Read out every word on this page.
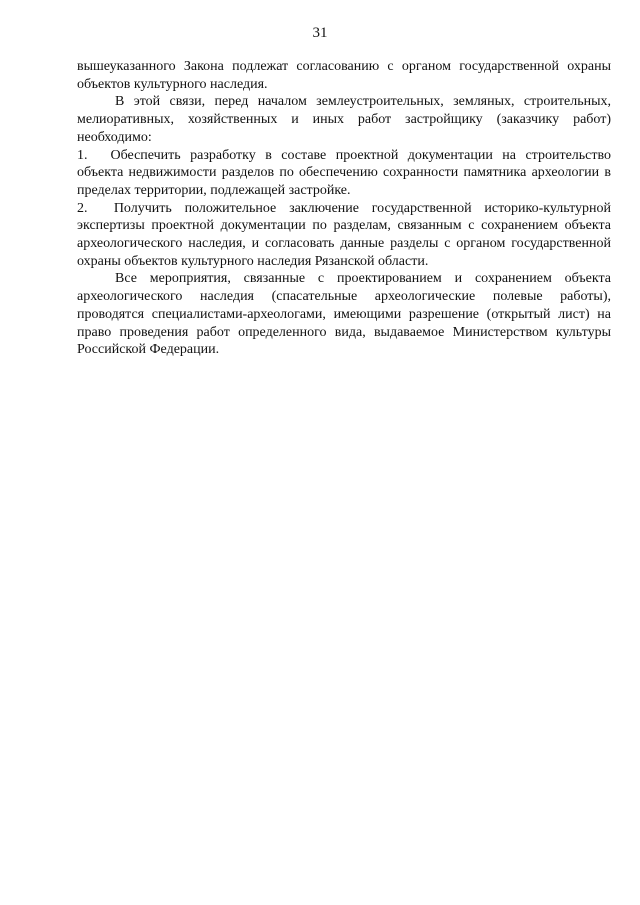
31

вышеуказанного Закона подлежат согласованию с органом государственной охраны объектов культурного наследия.

В этой связи, перед началом землеустроительных, земляных, строительных, мелиоративных, хозяйственных и иных работ застройщику (заказчику работ) необходимо:

1. Обеспечить разработку в составе проектной документации на строительство объекта недвижимости разделов по обеспечению сохранности памятника археологии в пределах территории, подлежащей застройке.

2. Получить положительное заключение государственной историко-культурной экспертизы проектной документации по разделам, связанным с сохранением объекта археологического наследия, и согласовать данные разделы с органом государственной охраны объектов культурного наследия Рязанской области.

Все мероприятия, связанные с проектированием и сохранением объекта археологического наследия (спасательные археологические полевые работы), проводятся специалистами-археологами, имеющими разрешение (открытый лист) на право проведения работ определенного вида, выдаваемое Министерством культуры Российской Федерации.
